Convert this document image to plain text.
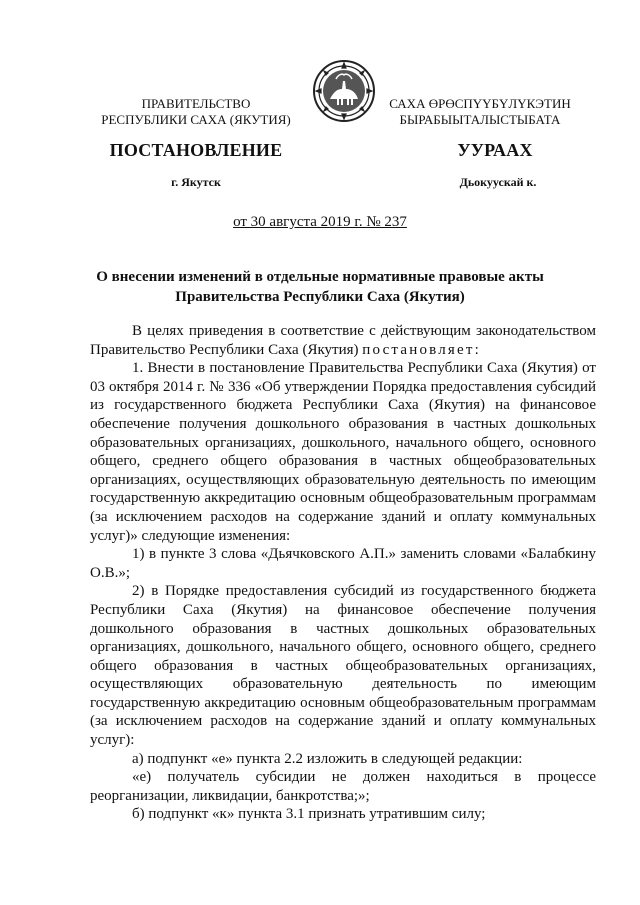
ПРАВИТЕЛЬСТВО
РЕСПУБЛИКИ САХА (ЯКУТИЯ)
САХА ӨРӨСПҮҮБҮЛҮКЭТИН
БЫРАБЫЫТАЛЫСТЫБАТА
ПОСТАНОВЛЕНИЕ	УУРААХ
г. Якутск	Дьокуускай к.
от 30 августа 2019 г. № 237
О внесении изменений в отдельные нормативные правовые акты
Правительства Республики Саха (Якутия)

В целях приведения в соответствие с действующим законодательством Правительство Республики Саха (Якутия) постановляет:

1. Внести в постановление Правительства Республики Саха (Якутия) от 03 октября 2014 г. № 336 «Об утверждении Порядка предоставления субсидий из государственного бюджета Республики Саха (Якутия) на финансовое обеспечение получения дошкольного образования в частных дошкольных образовательных организациях, дошкольного, начального общего, основного общего, среднего общего образования в частных общеобразовательных организациях, осуществляющих образовательную деятельность по имеющим государственную аккредитацию основным общеобразовательным программам (за исключением расходов на содержание зданий и оплату коммунальных услуг)» следующие изменения:

1) в пункте 3 слова «Дьячковского А.П.» заменить словами «Балабкину О.В.»;

2) в Порядке предоставления субсидий из государственного бюджета Республики Саха (Якутия) на финансовое обеспечение получения дошкольного образования в частных дошкольных образовательных организациях, дошкольного, начального общего, основного общего, среднего общего образования в частных общеобразовательных организациях, осуществляющих образовательную деятельность по имеющим государственную аккредитацию основным общеобразовательным программам (за исключением расходов на содержание зданий и оплату коммунальных услуг):

а) подпункт «е» пункта 2.2 изложить в следующей редакции:

«е) получатель субсидии не должен находиться в процессе реорганизации, ликвидации, банкротства;»;

б) подпункт «к» пункта 3.1 признать утратившим силу;
